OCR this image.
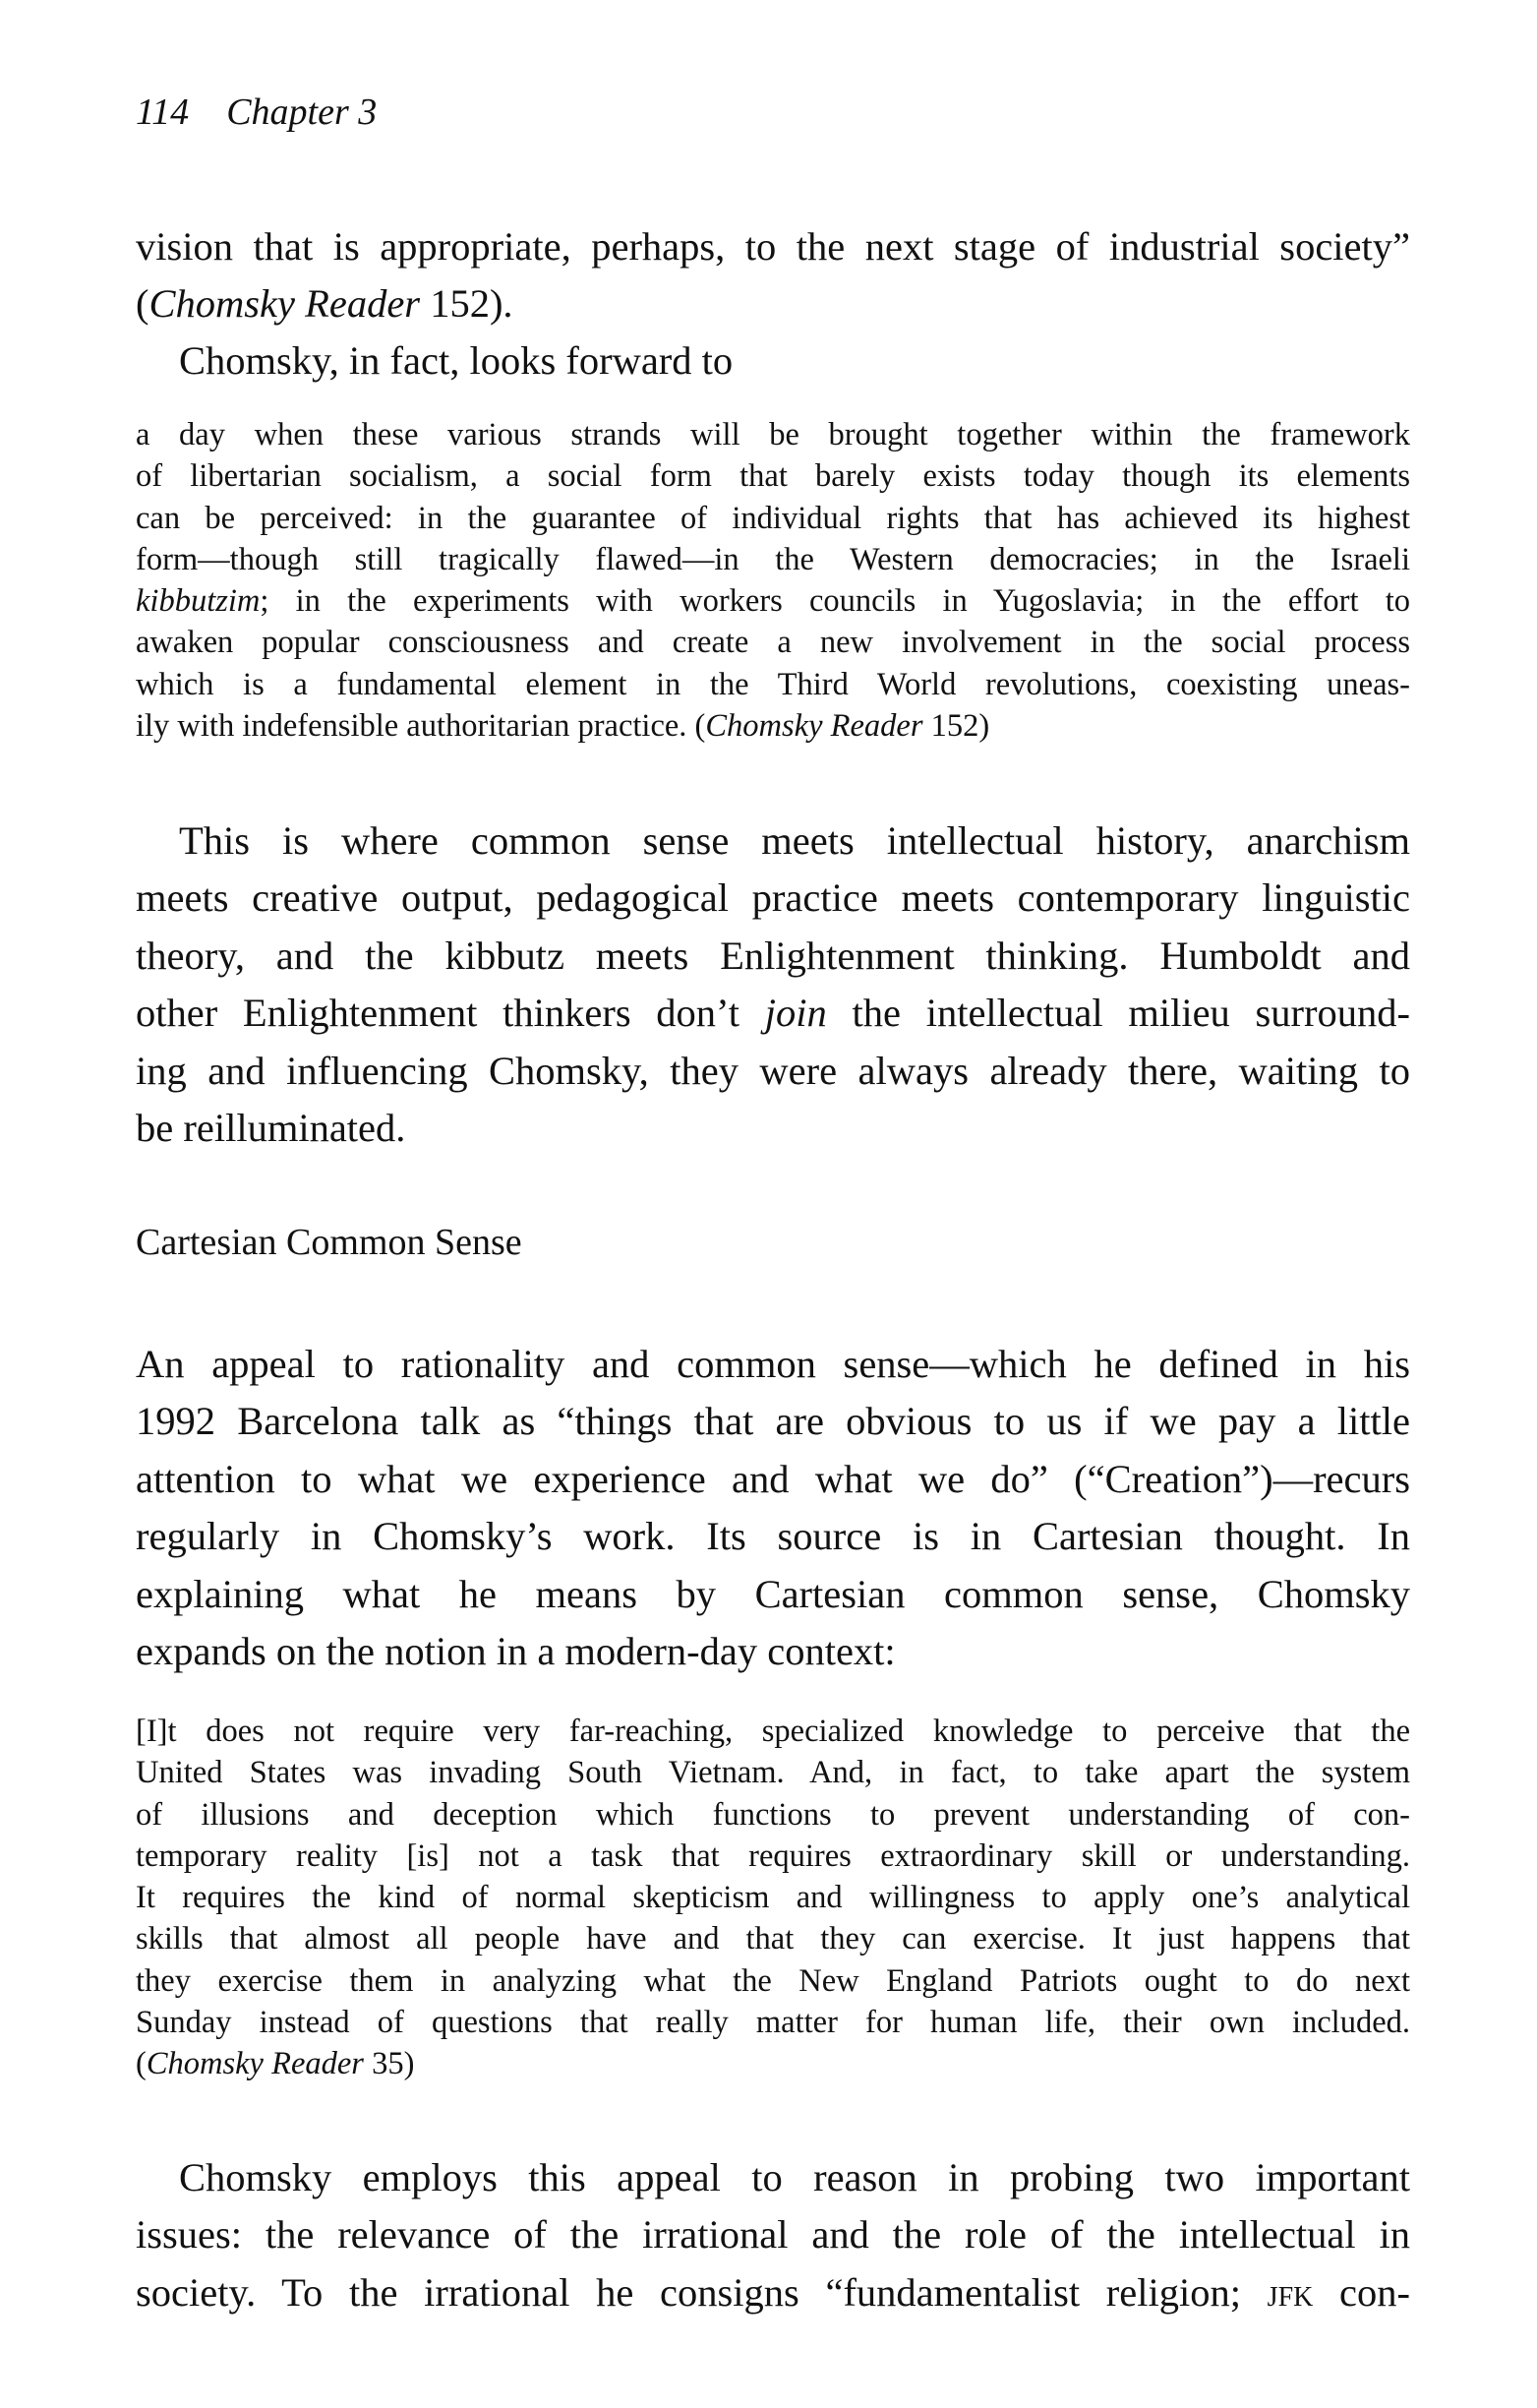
114 Chapter 3

vision that is appropriate, perhaps, to the next stage of industrial society”
(Chomsky Reader 152).

Chomsky, in fact, looks forward to

a day when these various strands will be brought together within the framework
of libertarian socialism, a social form that barely exists today though its elements
can be perceived: in the guarantee of individual rights that has achieved its highest
form—though still tragically flawed—in the Western democracies; in the Israeli
kibbutzim; in the experiments with workers councils in Yugoslavia; in the effort to
awaken popular consciousness and create a new involvement in the social process
which is a fundamental element in the Third World revolutions, coexisting uneas-
ily with indefensible authoritarian practice. (Chomsky Reader 152)
This is where common sense meets intellectual history, anarchism
meets creative output, pedagogical practice meets contemporary linguistic
theory, and the kibbutz meets Enlightenment thinking. Humboldt and
other Enlightenment thinkers don’t join the intellectual milieu surround-
ing and influencing Chomsky, they were always already there, waiting to
be reilluminated.
Cartesian Common Sense
An appeal to rationality and common sense—which he defined in his
1992 Barcelona talk as “things that are obvious to us if we pay a little
attention to what we experience and what we do” (“Creation”)—recurs
regularly in Chomsky’s work. Its source is in Cartesian thought. In
explaining what he means by Cartesian common sense, Chomsky
expands on the notion in a modern-day context:
[I]t does not require very far-reaching, specialized knowledge to perceive that the
United States was invading South Vietnam. And, in fact, to take apart the system
of illusions and deception which functions to prevent understanding of con-
temporary reality [is] not a task that requires extraordinary skill or understanding.
It requires the kind of normal skepticism and willingness to apply one’s analytical
skills that almost all people have and that they can exercise. It just happens that
they exercise them in analyzing what the New England Patriots ought to do next
Sunday instead of questions that really matter for human life, their own included.
(Chomsky Reader 35)
Chomsky employs this appeal to reason in probing two important
issues: the relevance of the irrational and the role of the intellectual in
society. To the irrational he consigns “fundamentalist religion; jfk con-
